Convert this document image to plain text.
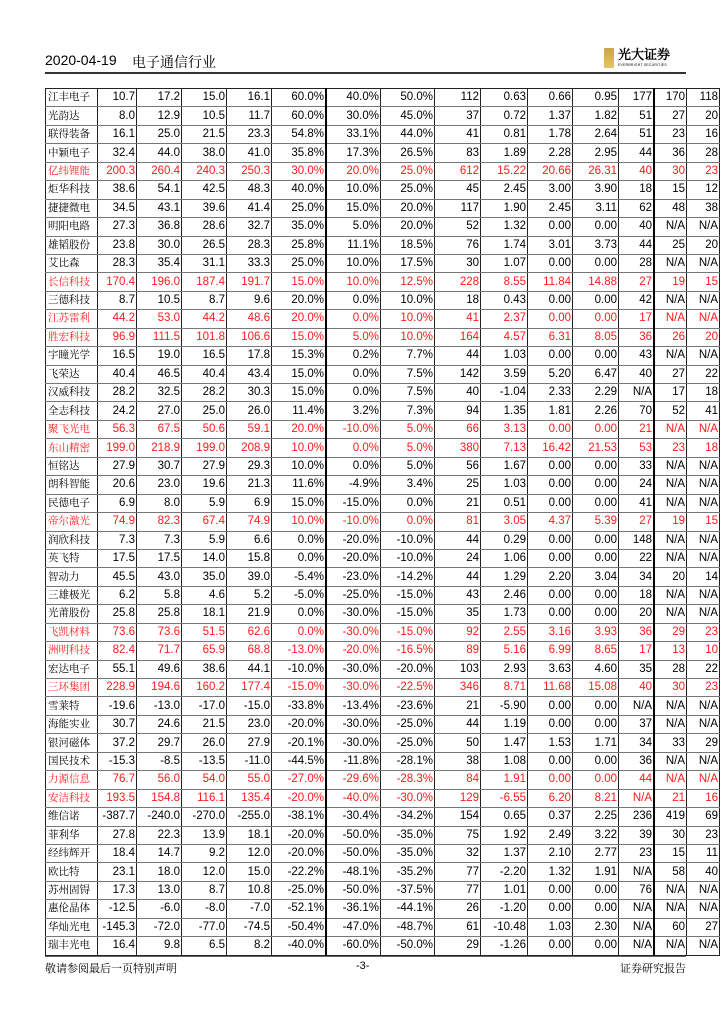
2020-04-19 电子通信行业	光大证券
EVERBRIGHT SECURITIES
江丰电子	10.7	17.2	15.0	16.1	60.0%	40.0%	50.0%	112	0.63	0.66	0.95	177	170	118
光韵达	8.0	12.9	10.5	11.7	60.0%	30.0%	45.0%	37	0.72	1.37	1.82	51	27	20
联得装备	16.1	25.0	21.5	23.3	54.8%	33.1%	44.0%	41	0.81	1.78	2.64	51	23	16
中颖电子	32.4	44.0	38.0	41.0	35.8%	17.3%	26.5%	83	1.89	2.28	2.95	44	36	28
亿纬锂能	200.3	260.4	240.3	250.3	30.0%	20.0%	25.0%	612	15.22	20.66	26.31	40	30	23
炬华科技	38.6	54.1	42.5	48.3	40.0%	10.0%	25.0%	45	2.45	3.00	3.90	18	15	12
捷捷微电	34.5	43.1	39.6	41.4	25.0%	15.0%	20.0%	117	1.90	2.45	3.11	62	48	38
明阳电路	27.3	36.8	28.6	32.7	35.0%	5.0%	20.0%	52	1.32	0.00	0.00	40	N/A	N/A
雄韬股份	23.8	30.0	26.5	28.3	25.8%	11.1%	18.5%	76	1.74	3.01	3.73	44	25	20
艾比森	28.3	35.4	31.1	33.3	25.0%	10.0%	17.5%	30	1.07	0.00	0.00	28	N/A	N/A
长信科技	170.4	196.0	187.4	191.7	15.0%	10.0%	12.5%	228	8.55	11.84	14.88	27	19	15
三德科技	8.7	10.5	8.7	9.6	20.0%	0.0%	10.0%	18	0.43	0.00	0.00	42	N/A	N/A
江苏雷利	44.2	53.0	44.2	48.6	20.0%	0.0%	10.0%	41	2.37	0.00	0.00	17	N/A	N/A
胜宏科技	96.9	111.5	101.8	106.6	15.0%	5.0%	10.0%	164	4.57	6.31	8.05	36	26	20
宇瞳光学	16.5	19.0	16.5	17.8	15.3%	0.2%	7.7%	44	1.03	0.00	0.00	43	N/A	N/A
飞荣达	40.4	46.5	40.4	43.4	15.0%	0.0%	7.5%	142	3.59	5.20	6.47	40	27	22
汉威科技	28.2	32.5	28.2	30.3	15.0%	0.0%	7.5%	40	-1.04	2.33	2.29	N/A	17	18
全志科技	24.2	27.0	25.0	26.0	11.4%	3.2%	7.3%	94	1.35	1.81	2.26	70	52	41
聚飞光电	56.3	67.5	50.6	59.1	20.0%	-10.0%	5.0%	66	3.13	0.00	0.00	21	N/A	N/A
东山精密	199.0	218.9	199.0	208.9	10.0%	0.0%	5.0%	380	7.13	16.42	21.53	53	23	18
恒铭达	27.9	30.7	27.9	29.3	10.0%	0.0%	5.0%	56	1.67	0.00	0.00	33	N/A	N/A
朗科智能	20.6	23.0	19.6	21.3	11.6%	-4.9%	3.4%	25	1.03	0.00	0.00	24	N/A	N/A
民德电子	6.9	8.0	5.9	6.9	15.0%	-15.0%	0.0%	21	0.51	0.00	0.00	41	N/A	N/A
帝尔激光	74.9	82.3	67.4	74.9	10.0%	-10.0%	0.0%	81	3.05	4.37	5.39	27	19	15
润欣科技	7.3	7.3	5.9	6.6	0.0%	-20.0%	-10.0%	44	0.29	0.00	0.00	148	N/A	N/A
英飞特	17.5	17.5	14.0	15.8	0.0%	-20.0%	-10.0%	24	1.06	0.00	0.00	22	N/A	N/A
智动力	45.5	43.0	35.0	39.0	-5.4%	-23.0%	-14.2%	44	1.29	2.20	3.04	34	20	14
三雄极光	6.2	5.8	4.6	5.2	-5.0%	-25.0%	-15.0%	43	2.46	0.00	0.00	18	N/A	N/A
光莆股份	25.8	25.8	18.1	21.9	0.0%	-30.0%	-15.0%	35	1.73	0.00	0.00	20	N/A	N/A
飞凯材料	73.6	73.6	51.5	62.6	0.0%	-30.0%	-15.0%	92	2.55	3.16	3.93	36	29	23
洲明科技	82.4	71.7	65.9	68.8	-13.0%	-20.0%	-16.5%	89	5.16	6.99	8.65	17	13	10
宏达电子	55.1	49.6	38.6	44.1	-10.0%	-30.0%	-20.0%	103	2.93	3.63	4.60	35	28	22
三环集团	228.9	194.6	160.2	177.4	-15.0%	-30.0%	-22.5%	346	8.71	11.68	15.08	40	30	23
雪莱特	-19.6	-13.0	-17.0	-15.0	-33.8%	-13.4%	-23.6%	21	-5.90	0.00	0.00	N/A	N/A	N/A
海能实业	30.7	24.6	21.5	23.0	-20.0%	-30.0%	-25.0%	44	1.19	0.00	0.00	37	N/A	N/A
银河磁体	37.2	29.7	26.0	27.9	-20.1%	-30.0%	-25.0%	50	1.47	1.53	1.71	34	33	29
国民技术	-15.3	-8.5	-13.5	-11.0	-44.5%	-11.8%	-28.1%	38	1.08	0.00	0.00	36	N/A	N/A
力源信息	76.7	56.0	54.0	55.0	-27.0%	-29.6%	-28.3%	84	1.91	0.00	0.00	44	N/A	N/A
安洁科技	193.5	154.8	116.1	135.4	-20.0%	-40.0%	-30.0%	129	-6.55	6.20	8.21	N/A	21	16
维信诺	-387.7	-240.0	-270.0	-255.0	-38.1%	-30.4%	-34.2%	154	0.65	0.37	2.25	236	419	69
菲利华	27.8	22.3	13.9	18.1	-20.0%	-50.0%	-35.0%	75	1.92	2.49	3.22	39	30	23
经纬辉开	18.4	14.7	9.2	12.0	-20.0%	-50.0%	-35.0%	32	1.37	2.10	2.77	23	15	11
欧比特	23.1	18.0	12.0	15.0	-22.2%	-48.1%	-35.2%	77	-2.20	1.32	1.91	N/A	58	40
苏州固锝	17.3	13.0	8.7	10.8	-25.0%	-50.0%	-37.5%	77	1.01	0.00	0.00	76	N/A	N/A
惠伦晶体	-12.5	-6.0	-8.0	-7.0	-52.1%	-36.1%	-44.1%	26	-1.20	0.00	0.00	N/A	N/A	N/A
华灿光电	-145.3	-72.0	-77.0	-74.5	-50.4%	-47.0%	-48.7%	61	-10.48	1.03	2.30	N/A	60	27
瑞丰光电	16.4	9.8	6.5	8.2	-40.0%	-60.0%	-50.0%	29	-1.26	0.00	0.00	N/A	N/A	N/A
敬请参阅最后一页特别声明	-3-	证券研究报告
